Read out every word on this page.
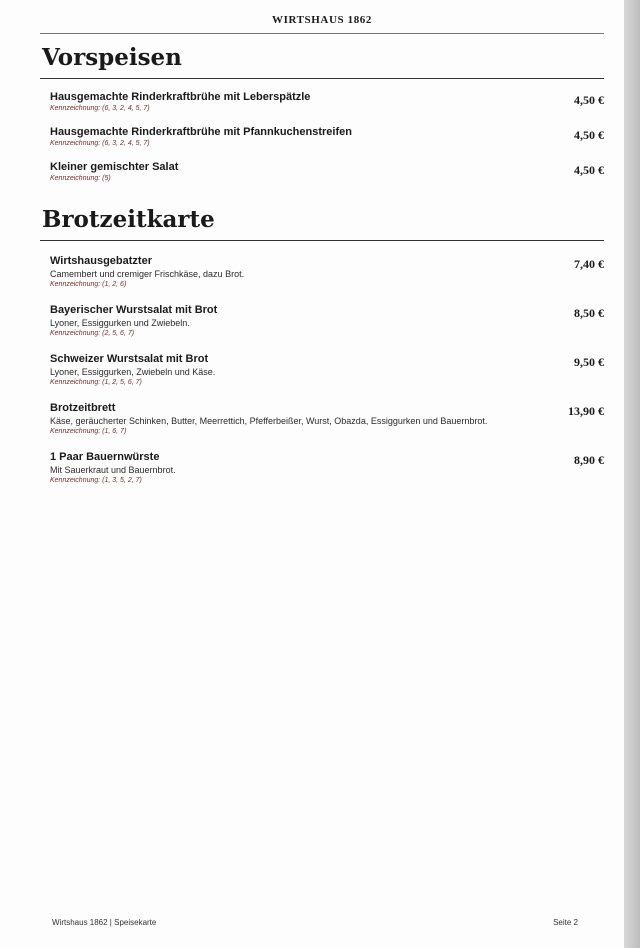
WIRTSHAUS 1862
Vorspeisen
Hausgemachte Rinderkraftbrühe mit Leberspätzle
Kennzeichnung: (6, 3, 2, 4, 5, 7)
4,50 €
Hausgemachte Rinderkraftbrühe mit Pfannkuchenstreifen
Kennzeichnung: (6, 3, 2, 4, 5, 7)
4,50 €
Kleiner gemischter Salat
Kennzeichnung: (5)
4,50 €
Brotzeitkarte
Wirtshausgebatzter
Camembert und cremiger Frischkäse, dazu Brot.
Kennzeichnung: (1, 2, 6)
7,40 €
Bayerischer Wurstsalat mit Brot
Lyoner, Essiggurken und Zwiebeln.
Kennzeichnung: (2, 5, 6, 7)
8,50 €
Schweizer Wurstsalat mit Brot
Lyoner, Essiggurken, Zwiebeln und Käse.
Kennzeichnung: (1, 2, 5, 6, 7)
9,50 €
Brotzeitbrett
Käse, geräucherter Schinken, Butter, Meerrettich, Pfefferbeißer, Wurst, Obazda, Essiggurken und Bauernbrot.
Kennzeichnung: (1, 6, 7)
13,90 €
1 Paar Bauernwürste
Mit Sauerkraut und Bauernbrot.
Kennzeichnung: (1, 3, 5, 2, 7)
8,90 €
Wirtshaus 1862 | Speisekarte	Seite 2
